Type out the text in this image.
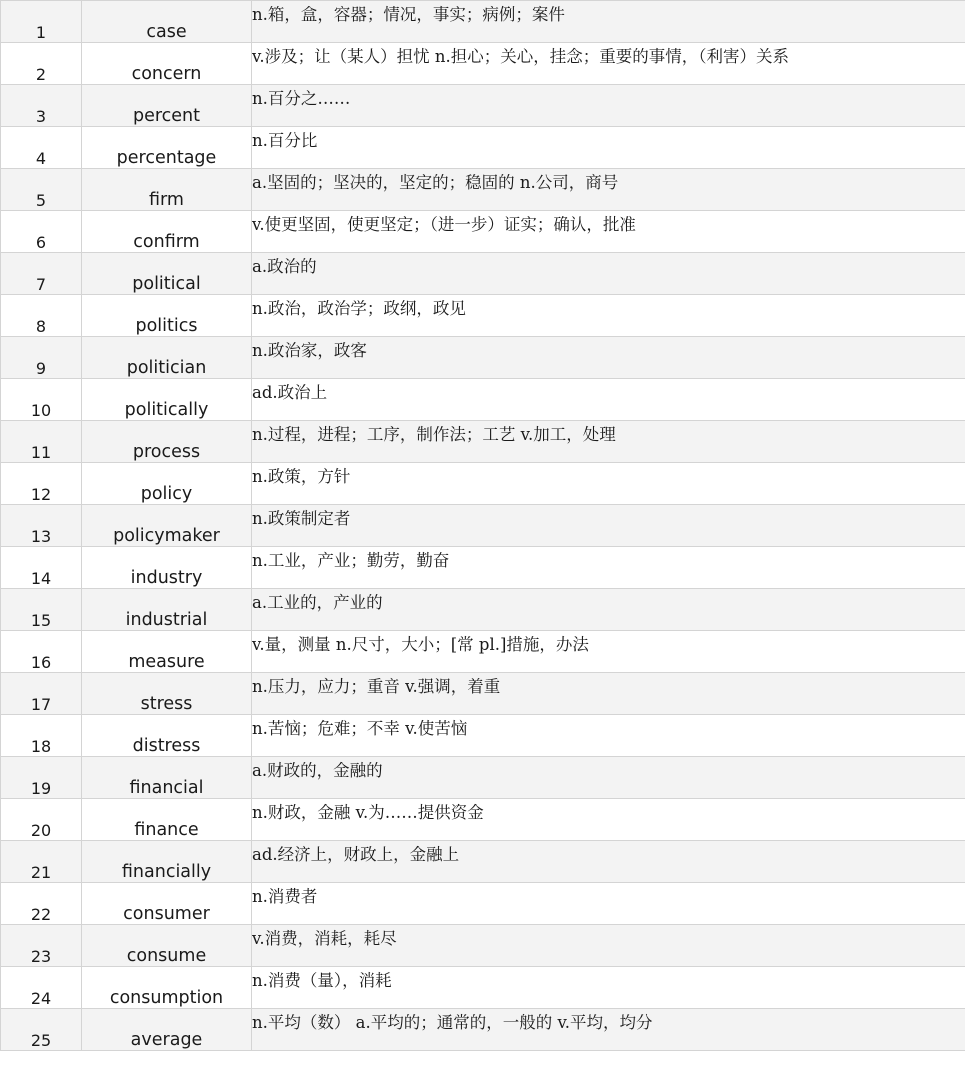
1	case	n.箱，盒，容器；情况，事实；病例；案件
2	concern	v.涉及；让（某人）担忧 n.担心；关心，挂念；重要的事情，（利害）关系
3	percent	n.百分之……
4	percentage	n.百分比
5	firm	a.坚固的；坚决的，坚定的；稳固的 n.公司，商号
6	confirm	v.使更坚固，使更坚定；（进一步）证实；确认，批准
7	political	a.政治的
8	politics	n.政治，政治学；政纲，政见
9	politician	n.政治家，政客
10	politically	ad.政治上
11	process	n.过程，进程；工序，制作法；工艺 v.加工，处理
12	policy	n.政策，方针
13	policymaker	n.政策制定者
14	industry	n.工业，产业；勤劳，勤奋
15	industrial	a.工业的，产业的
16	measure	v.量，测量 n.尺寸，大小；[常 pl.]措施，办法
17	stress	n.压力，应力；重音 v.强调，着重
18	distress	n.苦恼；危难；不幸 v.使苦恼
19	financial	a.财政的，金融的
20	finance	n.财政，金融 v.为……提供资金
21	financially	ad.经济上，财政上，金融上
22	consumer	n.消费者
23	consume	v.消费，消耗，耗尽
24	consumption	n.消费（量），消耗
25	average	n.平均（数） a.平均的；通常的，一般的 v.平均，均分
